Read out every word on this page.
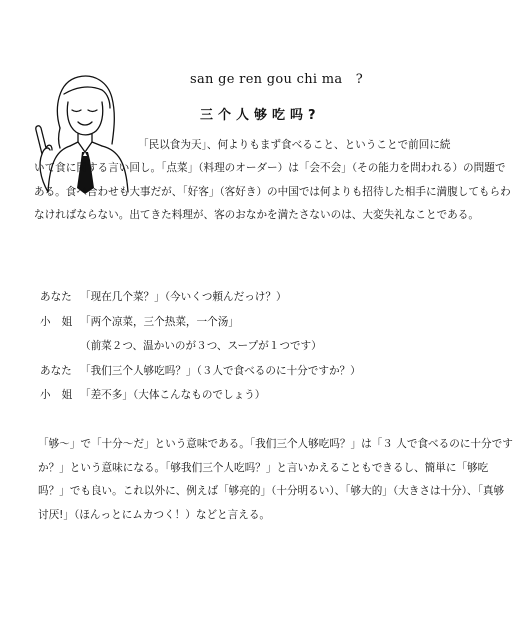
san ge ren gou chi ma　?
三个人够吃吗?

「民以食为天」、何よりもまず食べること、ということで前回に続

いて食に関する言い回し。「点菜」（料理のオーダー）は「会不会」（その能力を問われる）の問題である。食べ合わせも大事だが、「好客」（客好き）の中国では何よりも招待した相手に満腹してもらわなければならない。出てきた料理が、客のおなかを満たさないのは、大変失礼なことである。

あなた 「现在几个菜？」（今いくつ頼んだっけ？）
小姐「两个凉菜，三个热菜，一个汤」
（前菜２つ、温かいのが３つ、スープが１つです）
あなた 「我们三个人够吃吗？」（３人で食べるのに十分ですか？）
小姐「差不多」（大体こんなものでしょう）

「够～」で「十分～だ」という意味である。「我们三个人够吃吗？」は「３ 人で食べるのに十分ですか？」という意味になる。「够我们三个人吃吗？」と言いかえることもできるし、簡単に「够吃吗？」でも良い。これ以外に、例えば「够亮的」（十分明るい）、「够大的」（大きさは十分）、「真够讨厌!」（ほんっとにムカつく！）などと言える。
